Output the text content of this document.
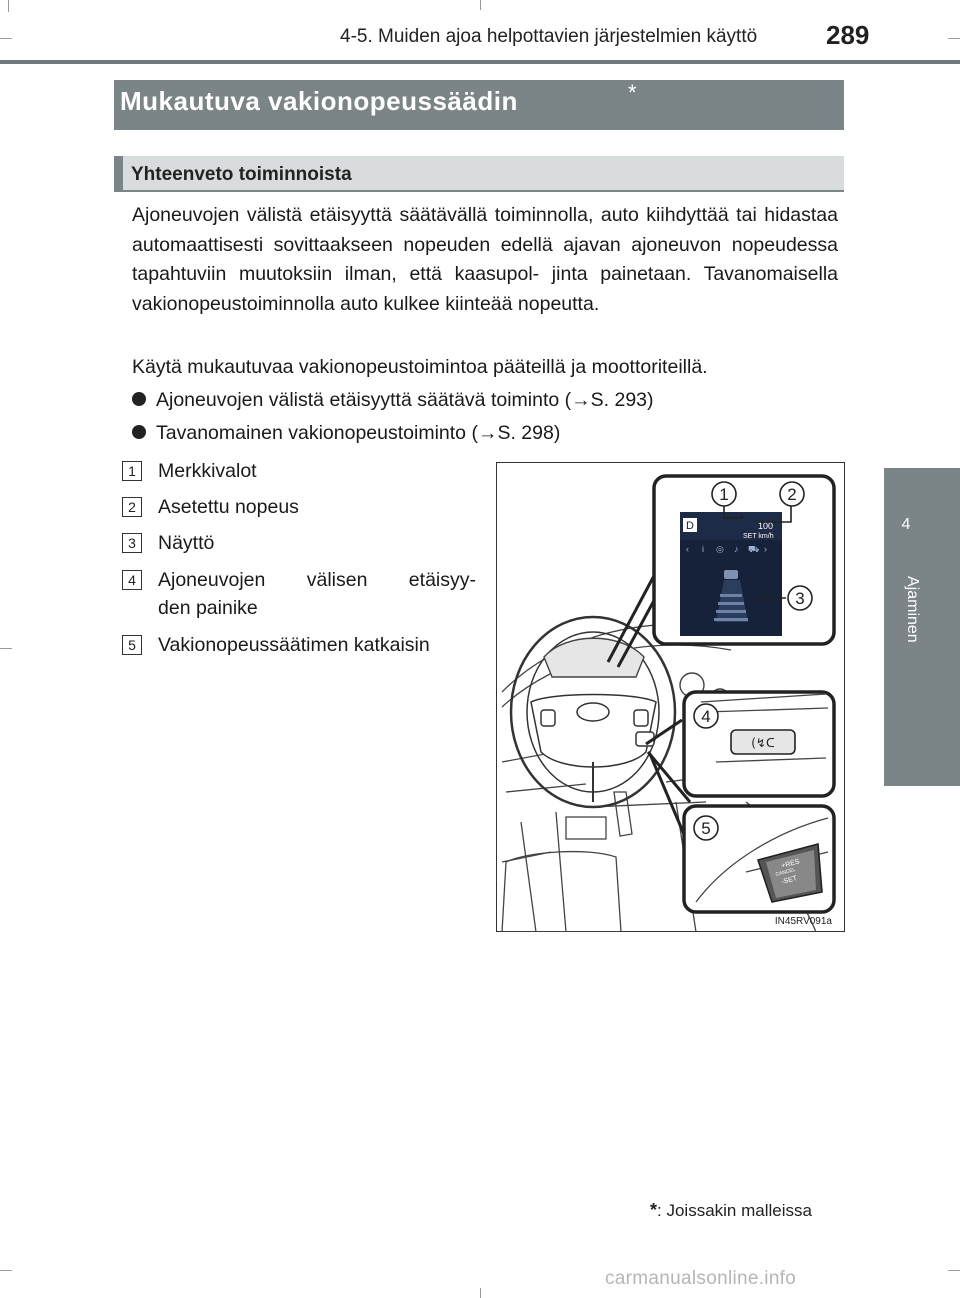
4-5. Muiden ajoa helpottavien järjestelmien käyttö	289
4
Ajaminen
Mukautuva vakionopeussäädin	*
Yhteenveto toiminnoista
Ajoneuvojen välistä etäisyyttä säätävällä toiminnolla, auto kiihdyttää tai hidastaa automaattisesti sovittaakseen nopeuden edellä ajavan ajoneuvon nopeudessa tapahtuviin muutoksiin ilman, että kaasupol- jinta painetaan. Tavanomaisella vakionopeustoiminnolla auto kulkee kiinteää nopeutta.
Käytä mukautuvaa vakionopeustoimintoa pääteillä ja moottoriteillä.
Ajoneuvojen välistä etäisyyttä säätävä toiminto (→S. 293)
Tavanomainen vakionopeustoiminto (→S. 298)
1	Merkkivalot
2	Asetettu nopeus
3	Näyttö
4	Ajoneuvojen välisen etäisyy-
den painike
5	Vakionopeussäätimen katkaisin
D	100
SET km/h
‹ i ◎ ♪ ⛟ ›
1	2
3
(↯ᑕ
4
+RES
-SET
CANCEL
5
IN45RV091a
*: Joissakin malleissa
carmanualsonline.info
